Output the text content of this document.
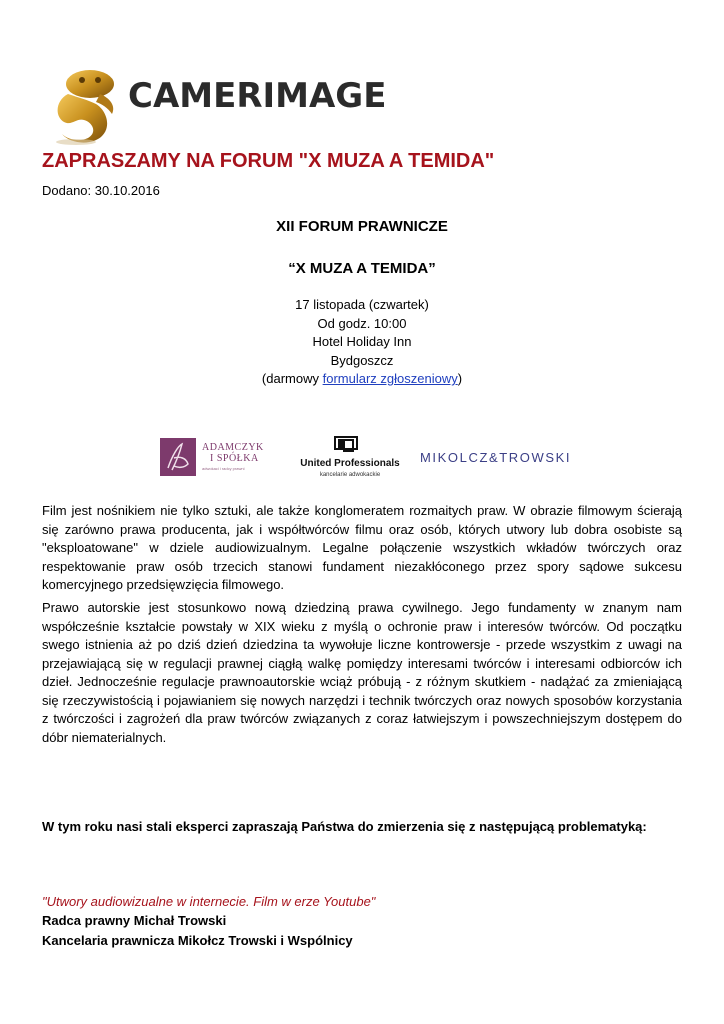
CAMERIMAGE
ZAPRASZAMY NA FORUM "X MUZA A TEMIDA"
Dodano: 30.10.2016
XII FORUM PRAWNICZE
“X MUZA A TEMIDA”
17 listopada (czwartek)
Od godz. 10:00
Hotel Holiday Inn
Bydgoszcz
(darmowy formularz zgłoszeniowy)
ADAMCZYK
I SPÓŁKA
adwokaci i radcy prawni	United Professionals
kancelarie adwokackie
MIKOLCZ&TROWSKI

Film jest nośnikiem nie tylko sztuki, ale także konglomeratem rozmaitych praw. W obrazie filmowym ścierają się zarówno prawa producenta, jak i współtwórców filmu oraz osób, których utwory lub dobra osobiste są "eksploatowane" w dziele audiowizualnym. Legalne połączenie wszystkich wkładów twórczych oraz respektowanie praw osób trzecich stanowi fundament niezakłóconego przez spory sądowe sukcesu komercyjnego przedsięwzięcia filmowego.

Prawo autorskie jest stosunkowo nową dziedziną prawa cywilnego. Jego fundamenty w znanym nam współcześnie kształcie powstały w XIX wieku z myślą o ochronie praw i interesów twórców. Od początku swego istnienia aż po dziś dzień dziedzina ta wywołuje liczne kontrowersje - przede wszystkim z uwagi na przejawiającą się w regulacji prawnej ciągłą walkę pomiędzy interesami twórców i interesami odbiorców ich dzieł. Jednocześnie regulacje prawnoautorskie wciąż próbują - z różnym skutkiem - nadążać za zmieniającą się rzeczywistością i pojawianiem się nowych narzędzi i technik twórczych oraz nowych sposobów korzystania z twórczości i zagrożeń dla praw twórców związanych z coraz łatwiejszym i powszechniejszym dostępem do dóbr niematerialnych.

W tym roku nasi stali eksperci zapraszają Państwa do zmierzenia się z następującą problematyką:

"Utwory audiowizualne w internecie. Film w erze Youtube"
Radca prawny Michał Trowski
Kancelaria prawnicza Mikołcz Trowski i Wspólnicy
